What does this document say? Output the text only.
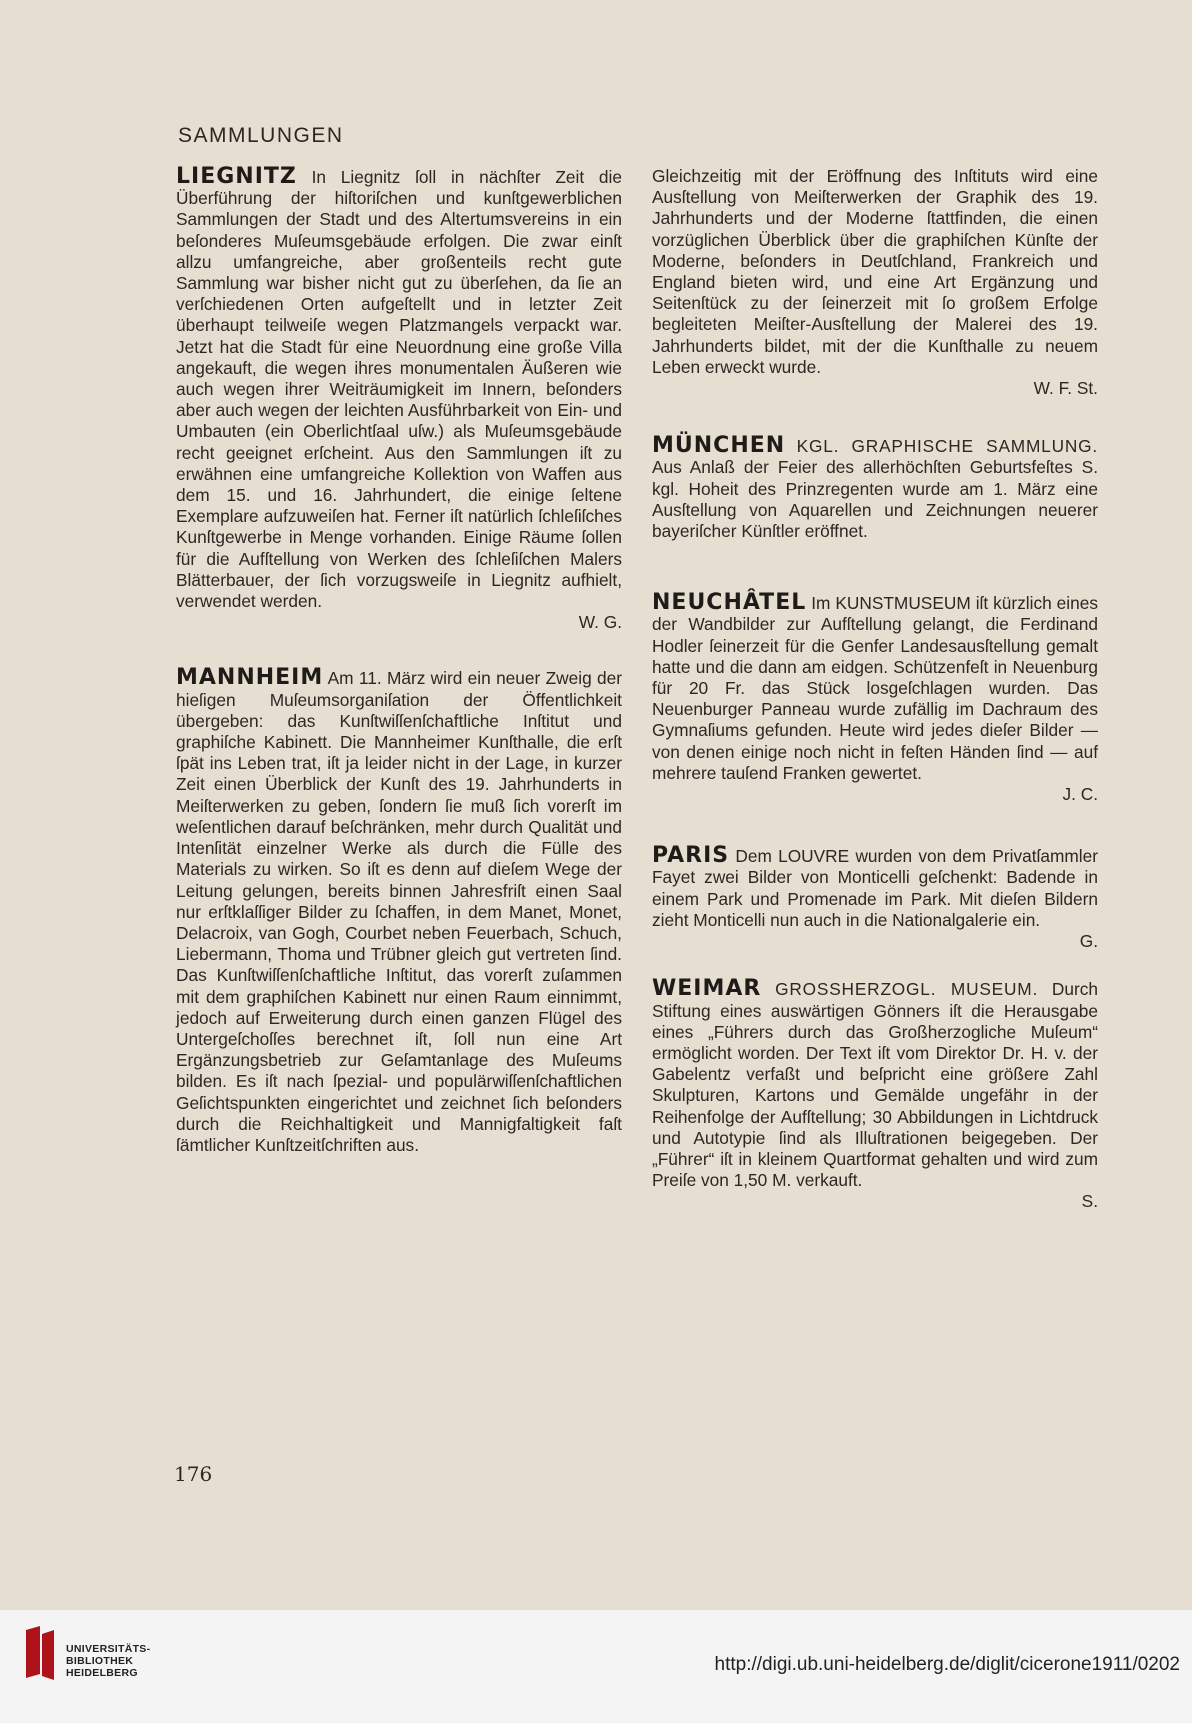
SAMMLUNGEN

LIEGNITZ In Liegnitz ſoll in nächſter Zeit die Überführung der hiſtoriſchen und kunſtgewerblichen Sammlungen der Stadt und des Altertumsvereins in ein beſonderes Muſeumsgebäude erfolgen. Die zwar einſt allzu umfangreiche, aber großenteils recht gute Sammlung war bisher nicht gut zu überſehen, da ſie an verſchiedenen Orten aufgeſtellt und in letzter Zeit überhaupt teilweiſe wegen Platzmangels verpackt war. Jetzt hat die Stadt für eine Neuordnung eine große Villa angekauft, die wegen ihres monumentalen Äußeren wie auch wegen ihrer Weiträumigkeit im Innern, beſonders aber auch wegen der leichten Ausführbarkeit von Ein- und Umbauten (ein Oberlichtſaal uſw.) als Muſeumsgebäude recht geeignet erſcheint. Aus den Sammlungen iſt zu erwähnen eine umfangreiche Kollektion von Waffen aus dem 15. und 16. Jahrhundert, die einige ſeltene Exemplare aufzuweiſen hat. Ferner iſt natürlich ſchleſiſches Kunſtgewerbe in Menge vorhanden. Einige Räume ſollen für die Aufſtellung von Werken des ſchleſiſchen Malers Blätterbauer, der ſich vorzugsweiſe in Liegnitz aufhielt, verwendet werden.
W. G.

MANNHEIM Am 11. März wird ein neuer Zweig der hieſigen Muſeumsorganiſation der Öffentlichkeit übergeben: das Kunſtwiſſenſchaftliche Inſtitut und graphiſche Kabinett. Die Mannheimer Kunſthalle, die erſt ſpät ins Leben trat, iſt ja leider nicht in der Lage, in kurzer Zeit einen Überblick der Kunſt des 19. Jahrhunderts in Meiſterwerken zu geben, ſondern ſie muß ſich vorerſt im weſentlichen darauf beſchränken, mehr durch Qualität und Intenſität einzelner Werke als durch die Fülle des Materials zu wirken. So iſt es denn auf dieſem Wege der Leitung gelungen, bereits binnen Jahresfriſt einen Saal nur erſtklaſſiger Bilder zu ſchaffen, in dem Manet, Monet, Delacroix, van Gogh, Courbet neben Feuerbach, Schuch, Liebermann, Thoma und Trübner gleich gut vertreten ſind. Das Kunſtwiſſenſchaftliche Inſtitut, das vorerſt zuſammen mit dem graphiſchen Kabinett nur einen Raum einnimmt, jedoch auf Erweiterung durch einen ganzen Flügel des Untergeſchoſſes berechnet iſt, ſoll nun eine Art Ergänzungsbetrieb zur Geſamtanlage des Muſeums bilden. Es iſt nach ſpezial- und populärwiſſenſchaftlichen Geſichtspunkten eingerichtet und zeichnet ſich beſonders durch die Reichhaltigkeit und Mannigfaltigkeit faſt ſämtlicher Kunſtzeitſchriften aus.

Gleichzeitig mit der Eröffnung des Inſtituts wird eine Ausſtellung von Meiſterwerken der Graphik des 19. Jahrhunderts und der Moderne ſtattfinden, die einen vorzüglichen Überblick über die graphiſchen Künſte der Moderne, beſonders in Deutſchland, Frankreich und England bieten wird, und eine Art Ergänzung und Seitenſtück zu der ſeinerzeit mit ſo großem Erfolge begleiteten Meiſter-Ausſtellung der Malerei des 19. Jahrhunderts bildet, mit der die Kunſthalle zu neuem Leben erweckt wurde.
W. F. St.

MÜNCHEN KGL. GRAPHISCHE SAMMLUNG. Aus Anlaß der Feier des allerhöchſten Geburtsfeſtes S. kgl. Hoheit des Prinzregenten wurde am 1. März eine Ausſtellung von Aquarellen und Zeichnungen neuerer bayeriſcher Künſtler eröffnet.

NEUCHÂTEL Im KUNSTMUSEUM iſt kürzlich eines der Wandbilder zur Aufſtellung gelangt, die Ferdinand Hodler ſeinerzeit für die Genfer Landesausſtellung gemalt hatte und die dann am eidgen. Schützenfeſt in Neuenburg für 20 Fr. das Stück losgeſchlagen wurden. Das Neuenburger Panneau wurde zufällig im Dachraum des Gymnaſiums gefunden. Heute wird jedes dieſer Bilder — von denen einige noch nicht in feſten Händen ſind — auf mehrere tauſend Franken gewertet.
J. C.

PARIS Dem LOUVRE wurden von dem Privatſammler Fayet zwei Bilder von Monticelli geſchenkt: Badende in einem Park und Promenade im Park. Mit dieſen Bildern zieht Monticelli nun auch in die Nationalgalerie ein.
G.

WEIMAR GROSSHERZOGL. MUSEUM. Durch Stiftung eines auswärtigen Gönners iſt die Herausgabe eines „Führers durch das Großherzogliche Muſeum“ ermöglicht worden. Der Text iſt vom Direktor Dr. H. v. der Gabelentz verfaßt und beſpricht eine größere Zahl Skulpturen, Kartons und Gemälde ungefähr in der Reihenfolge der Aufſtellung; 30 Abbildungen in Lichtdruck und Autotypie ſind als Illuſtrationen beigegeben. Der „Führer“ iſt in kleinem Quartformat gehalten und wird zum Preiſe von 1,50 M. verkauft.
S.

176
UNIVERSITÄTS-
BIBLIOTHEK
HEIDELBERG	http://digi.ub.uni-heidelberg.de/diglit/cicerone1911/0202
